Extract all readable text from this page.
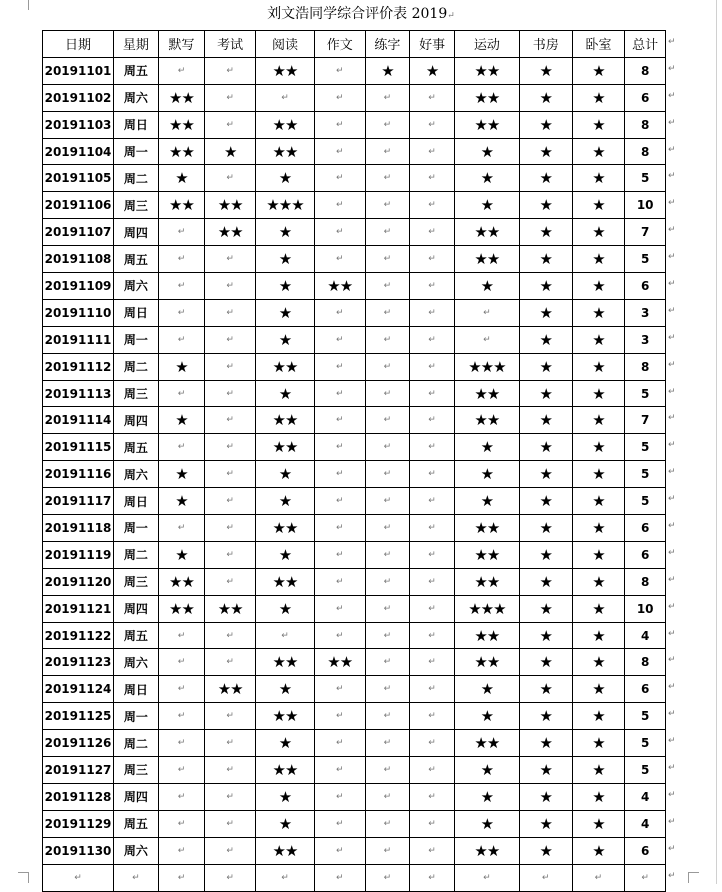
刘文浩同学综合评价表 2019↵
日期	星期	默写	考试	阅读	作文	练字	好事	运动	书房	卧室	总计
20191101	周五	↵	↵	★★	↵	★	★	★★	★	★	8
20191102	周六	★★	↵	↵	↵	↵	↵	★★	★	★	6
20191103	周日	★★	↵	★★	↵	↵	↵	★★	★	★	8
20191104	周一	★★	★	★★	↵	↵	↵	★	★	★	8
20191105	周二	★	↵	★	↵	↵	↵	★	★	★	5
20191106	周三	★★	★★	★★★	↵	↵	↵	★	★	★	10
20191107	周四	↵	★★	★	↵	↵	↵	★★	★	★	7
20191108	周五	↵	↵	★	↵	↵	↵	★★	★	★	5
20191109	周六	↵	↵	★	★★	↵	↵	★	★	★	6
20191110	周日	↵	↵	★	↵	↵	↵	↵	★	★	3
20191111	周一	↵	↵	★	↵	↵	↵	↵	★	★	3
20191112	周二	★	↵	★★	↵	↵	↵	★★★	★	★	8
20191113	周三	↵	↵	★	↵	↵	↵	★★	★	★	5
20191114	周四	★	↵	★★	↵	↵	↵	★★	★	★	7
20191115	周五	↵	↵	★★	↵	↵	↵	★	★	★	5
20191116	周六	★	↵	★	↵	↵	↵	★	★	★	5
20191117	周日	★	↵	★	↵	↵	↵	★	★	★	5
20191118	周一	↵	↵	★★	↵	↵	↵	★★	★	★	6
20191119	周二	★	↵	★	↵	↵	↵	★★	★	★	6
20191120	周三	★★	↵	★★	↵	↵	↵	★★	★	★	8
20191121	周四	★★	★★	★	↵	↵	↵	★★★	★	★	10
20191122	周五	↵	↵	↵	↵	↵	↵	★★	★	★	4
20191123	周六	↵	↵	★★	★★	↵	↵	★★	★	★	8
20191124	周日	↵	★★	★	↵	↵	↵	★	★	★	6
20191125	周一	↵	↵	★★	↵	↵	↵	★	★	★	5
20191126	周二	↵	↵	★	↵	↵	↵	★★	★	★	5
20191127	周三	↵	↵	★★	↵	↵	↵	★	★	★	5
20191128	周四	↵	↵	★	↵	↵	↵	★	★	★	4
20191129	周五	↵	↵	★	↵	↵	↵	★	★	★	4
20191130	周六	↵	↵	★★	↵	↵	↵	★★	★	★	6
↵	↵	↵	↵	↵	↵	↵	↵	↵	↵	↵	↵
↵
↵
↵
↵
↵
↵
↵
↵
↵
↵
↵
↵
↵
↵
↵
↵
↵
↵
↵
↵
↵
↵
↵
↵
↵
↵
↵
↵
↵
↵
↵
↵
